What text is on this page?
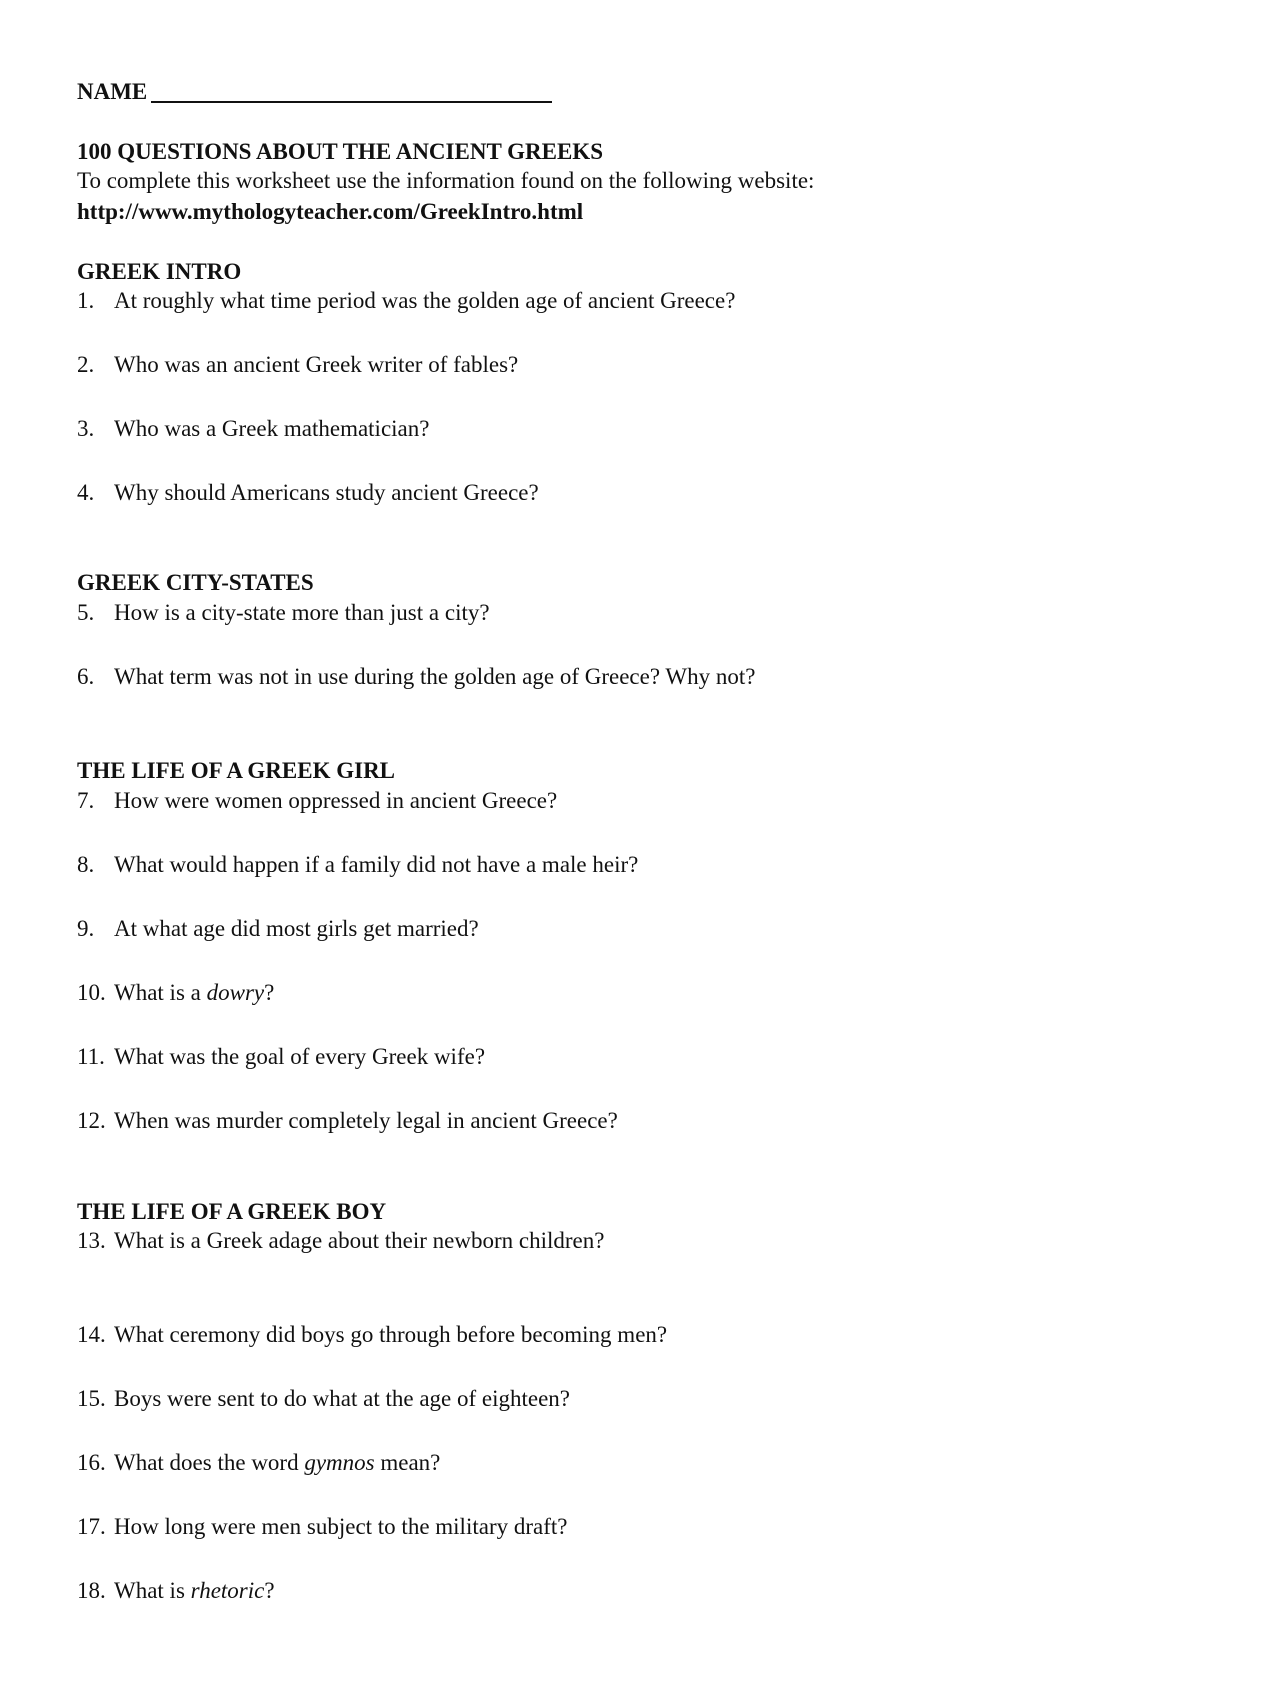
NAME
100 QUESTIONS ABOUT THE ANCIENT GREEKS
To complete this worksheet use the information found on the following website:
http://www.mythologyteacher.com/GreekIntro.html
GREEK INTRO
1. At roughly what time period was the golden age of ancient Greece?
2. Who was an ancient Greek writer of fables?
3. Who was a Greek mathematician?
4. Why should Americans study ancient Greece?
GREEK CITY-STATES
5. How is a city-state more than just a city?
6. What term was not in use during the golden age of Greece? Why not?
THE LIFE OF A GREEK GIRL
7. How were women oppressed in ancient Greece?
8. What would happen if a family did not have a male heir?
9. At what age did most girls get married?
10. What is a dowry?
11. What was the goal of every Greek wife?
12. When was murder completely legal in ancient Greece?
THE LIFE OF A GREEK BOY
13. What is a Greek adage about their newborn children?
14. What ceremony did boys go through before becoming men?
15. Boys were sent to do what at the age of eighteen?
16. What does the word gymnos mean?
17. How long were men subject to the military draft?
18. What is rhetoric?
